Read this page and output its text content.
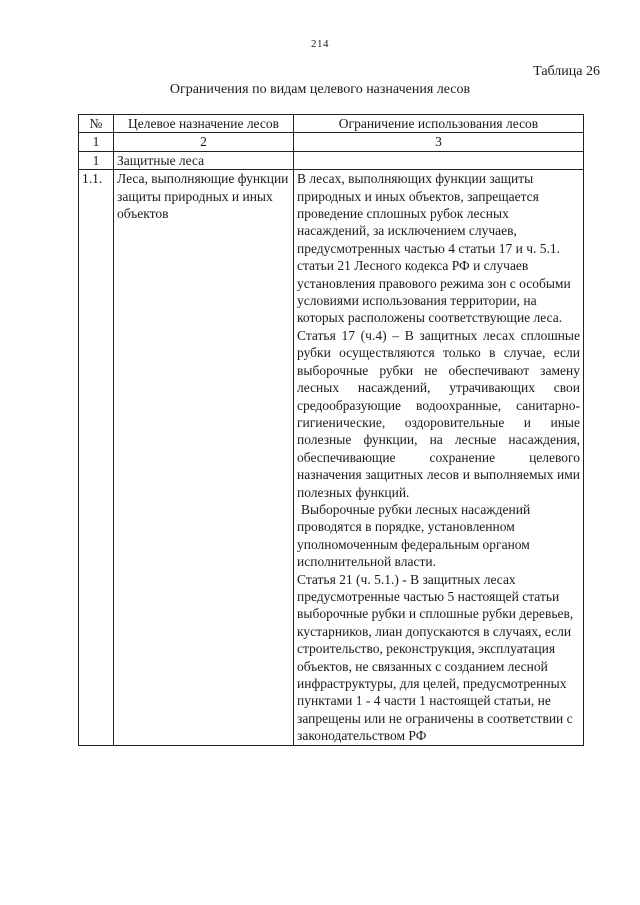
214
Таблица 26
Ограничения по видам целевого назначения лесов
№	Целевое назначение лесов	Ограничение использования лесов
1	2	3
1	Защитные леса	
1.1.	Леса, выполняющие функции защиты природных и иных объектов	В лесах, выполняющих функции защиты природных и иных объектов, запрещается проведение сплошных рубок лесных насаждений, за исключением случаев, предусмотренных частью 4 статьи 17 и ч. 5.1. статьи 21 Лесного кодекса РФ и случаев установления правового режима зон с особыми условиями использования территории, на которых расположены соответствующие леса.

Статья 17 (ч.4) – В защитных лесах сплошные рубки осуществляются только в случае, если выборочные рубки не обеспечивают замену лесных насаждений, утрачивающих свои средообразующие водоохранные, санитарно-гигиенические, оздоровительные и иные полезные функции, на лесные насаждения, обеспечивающие сохранение целевого назначения защитных лесов и выполняемых ими полезных функций.

Выборочные рубки лесных насаждений проводятся в порядке, установленном уполномоченным федеральным органом исполнительной власти.

Статья 21 (ч. 5.1.) - В защитных лесах предусмотренные частью 5 настоящей статьи выборочные рубки и сплошные рубки деревьев, кустарников, лиан допускаются в случаях, если строительство, реконструкция, эксплуатация объектов, не связанных с созданием лесной инфраструктуры, для целей, предусмотренных пунктами 1 - 4 части 1 настоящей статьи, не запрещены или не ограничены в соответствии с законодательством РФ
